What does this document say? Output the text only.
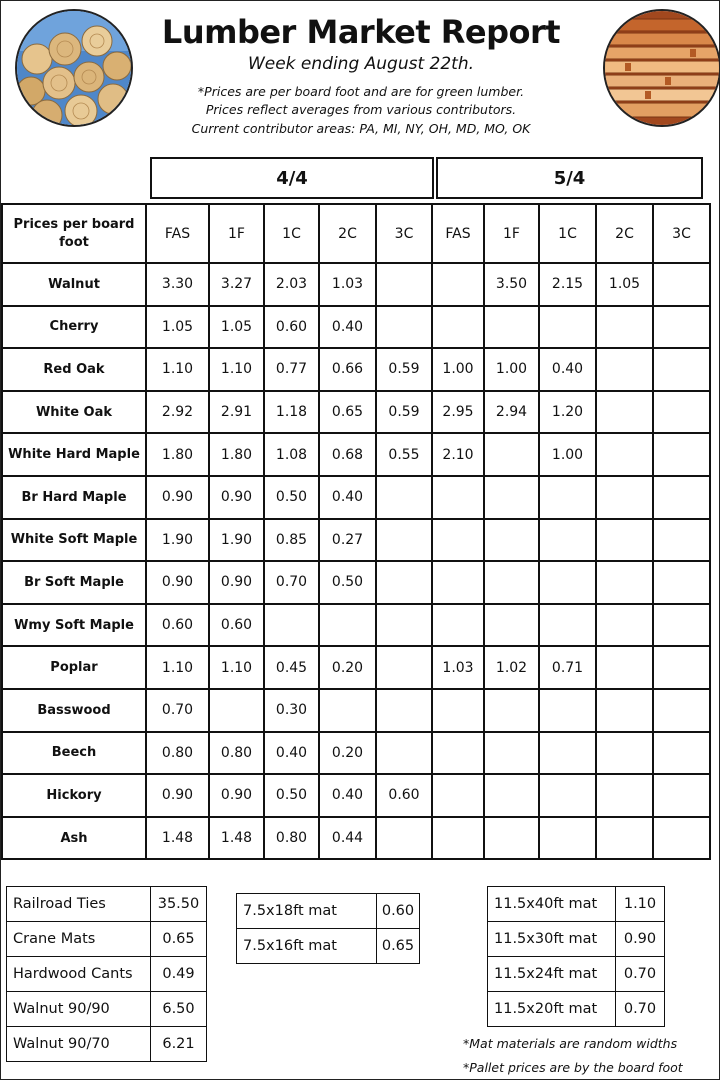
Lumber Market Report
Week ending August 22th.
*Prices are per board foot and are for green lumber.
Prices reflect averages from various contributors.
Current contributor areas: PA, MI, NY, OH, MD, MO, OK
4/4	5/4
Prices per board foot	FAS	1F	1C	2C	3C	FAS	1F	1C	2C	3C
Walnut	3.30	3.27	2.03	1.03			3.50	2.15	1.05	
Cherry	1.05	1.05	0.60	0.40						
Red Oak	1.10	1.10	0.77	0.66	0.59	1.00	1.00	0.40		
White Oak	2.92	2.91	1.18	0.65	0.59	2.95	2.94	1.20		
White Hard Maple	1.80	1.80	1.08	0.68	0.55	2.10		1.00		
Br Hard Maple	0.90	0.90	0.50	0.40						
White Soft Maple	1.90	1.90	0.85	0.27						
Br Soft Maple	0.90	0.90	0.70	0.50						
Wmy Soft Maple	0.60	0.60								
Poplar	1.10	1.10	0.45	0.20		1.03	1.02	0.71		
Basswood	0.70		0.30							
Beech	0.80	0.80	0.40	0.20						
Hickory	0.90	0.90	0.50	0.40	0.60					
Ash	1.48	1.48	0.80	0.44						
Railroad Ties	35.50
Crane Mats	0.65
Hardwood Cants	0.49
Walnut 90/90	6.50
Walnut 90/70	6.21
7.5x18ft mat	0.60
7.5x16ft mat	0.65
11.5x40ft mat	1.10
11.5x30ft mat	0.90
11.5x24ft mat	0.70
11.5x20ft mat	0.70
*Mat materials are random widths
*Pallet prices are by the board foot
